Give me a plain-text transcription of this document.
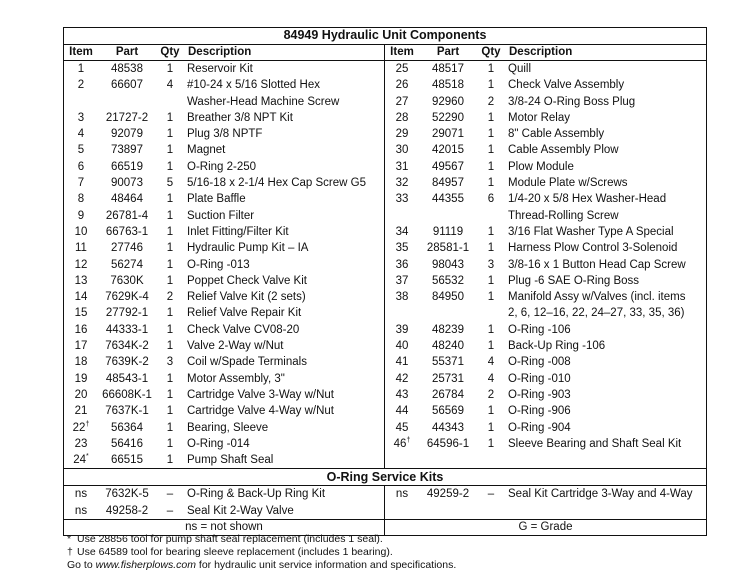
84949 Hydraulic Unit Components
Item	Part	Qty Description
1	48538	1	Reservoir Kit
2	66607	4	#10-24 x 5/16 Slotted Hex
Washer-Head Machine Screw
3	21727-2	1	Breather 3/8 NPT Kit
4	92079	1	Plug 3/8 NPTF
5	73897	1	Magnet
6	66519	1	O-Ring 2-250
7	90073	5	5/16-18 x 2-1/4 Hex Cap Screw G5
8	48464	1	Plate Baffle
9	26781-4	1	Suction Filter
10	66763-1	1	Inlet Fitting/Filter Kit
11	27746	1	Hydraulic Pump Kit – IA
12	56274	1	O-Ring -013
13	7630K	1	Poppet Check Valve Kit
14	7629K-4	2	Relief Valve Kit (2 sets)
15	27792-1	1	Relief Valve Repair Kit
16	44333-1	1	Check Valve CV08-20
17	7634K-2	1	Valve 2-Way w/Nut
18	7639K-2	3	Coil w/Spade Terminals
19	48543-1	1	Motor Assembly, 3"
20	66608K-1	1	Cartridge Valve 3-Way w/Nut
21	7637K-1	1	Cartridge Valve 4-Way w/Nut
22†	56364	1	Bearing, Sleeve
23	56416	1	O-Ring -014
24*	66515	1	Pump Shaft Seal
Item	Part	Qty Description
25	48517	1	Quill
26	48518	1	Check Valve Assembly
27	92960	2	3/8-24 O-Ring Boss Plug
28	52290	1	Motor Relay
29	29071	1	8" Cable Assembly
30	42015	1	Cable Assembly Plow
31	49567	1	Plow Module
32	84957	1	Module Plate w/Screws
33	44355	6	1/4-20 x 5/8 Hex Washer-Head
Thread-Rolling Screw
34	91119	1	3/16 Flat Washer Type A Special
35	28581-1	1	Harness Plow Control 3-Solenoid
36	98043	3	3/8-16 x 1 Button Head Cap Screw
37	56532	1	Plug -6 SAE O-Ring Boss
38	84950	1	Manifold Assy w/Valves (incl. items
2, 6, 12–16, 22, 24–27, 33, 35, 36)
39	48239	1	O-Ring -106
40	48240	1	Back-Up Ring -106
41	55371	4	O-Ring -008
42	25731	4	O-Ring -010
43	26784	2	O-Ring -903
44	56569	1	O-Ring -906
45	44343	1	O-Ring -904
46†	64596-1	1	Sleeve Bearing and Shaft Seal Kit
O-Ring Service Kits
ns	7632K-5	–	O-Ring & Back-Up Ring Kit
ns	49258-2	–	Seal Kit 2-Way Valve
ns	49259-2	–	Seal Kit Cartridge 3-Way and 4-Way
ns = not shown	G = Grade
* Use 28856 tool for pump shaft seal replacement (includes 1 seal).
† Use 64589 tool for bearing sleeve replacement (includes 1 bearing).
Go to www.fisherplows.com for hydraulic unit service information and specifications.
